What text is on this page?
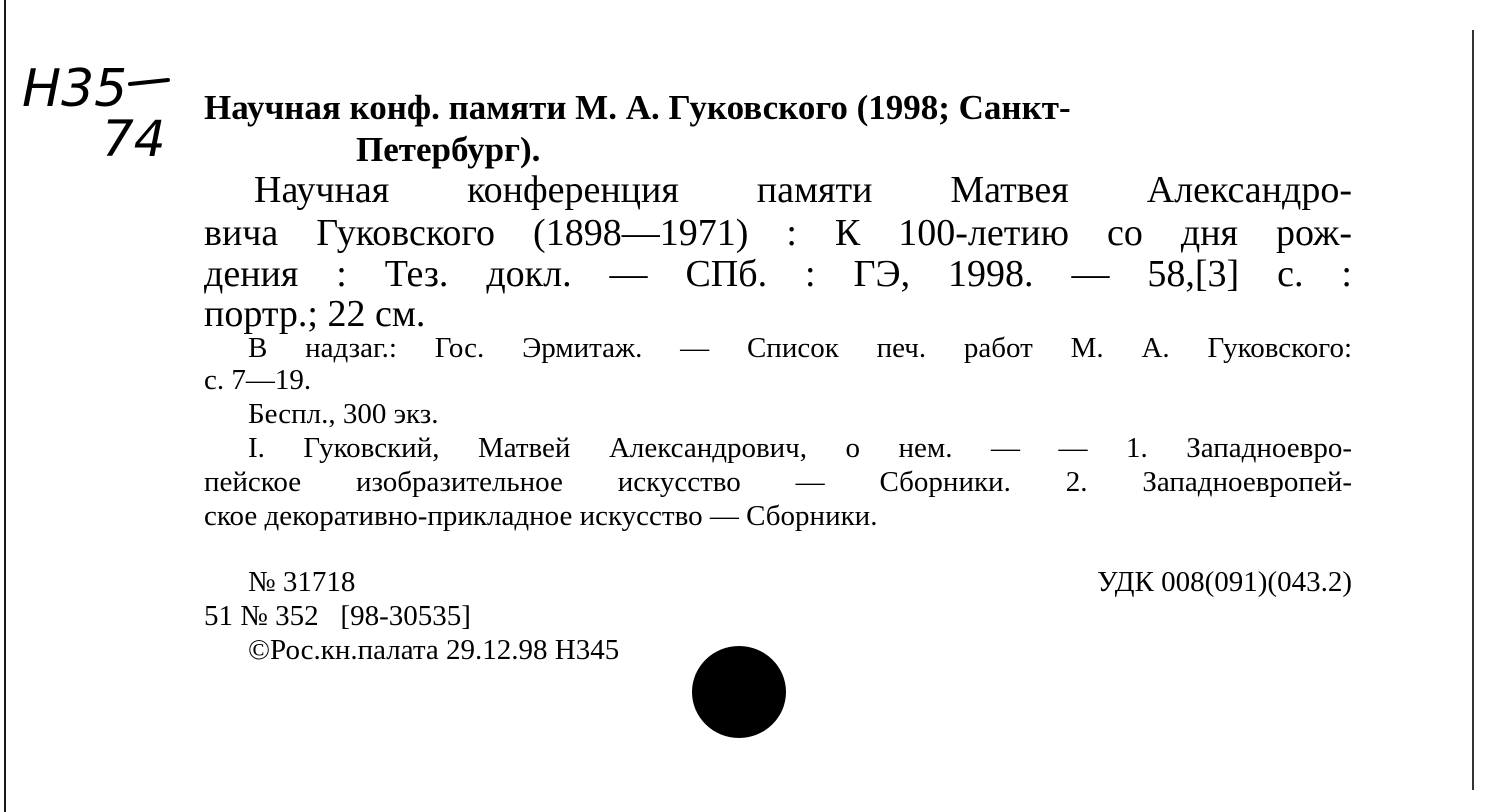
Н35
74
Научная конф. памяти М. А. Гуковского (1998; Санкт-
Петербург).
Научная конференция памяти Матвея Александро-
вича Гуковского (1898—1971) : К 100-летию со дня рож-
дения : Тез. докл. — СПб. : ГЭ, 1998. — 58,[3] с. :
портр.; 22 см.
В надзаг.: Гос. Эрмитаж. — Список печ. работ М. А. Гуковского:
с. 7—19.
Беспл., 300 экз.
I. Гуковский, Матвей Александрович, о нем. — — 1. Западноевро-
пейское изобразительное искусство — Сборники. 2. Западноевропей-
ское декоративно-прикладное искусство — Сборники.
№ 31718	УДК 008(091)(043.2)
51 № 352   [98-30535]
©Рос.кн.палата 29.12.98 Н345
